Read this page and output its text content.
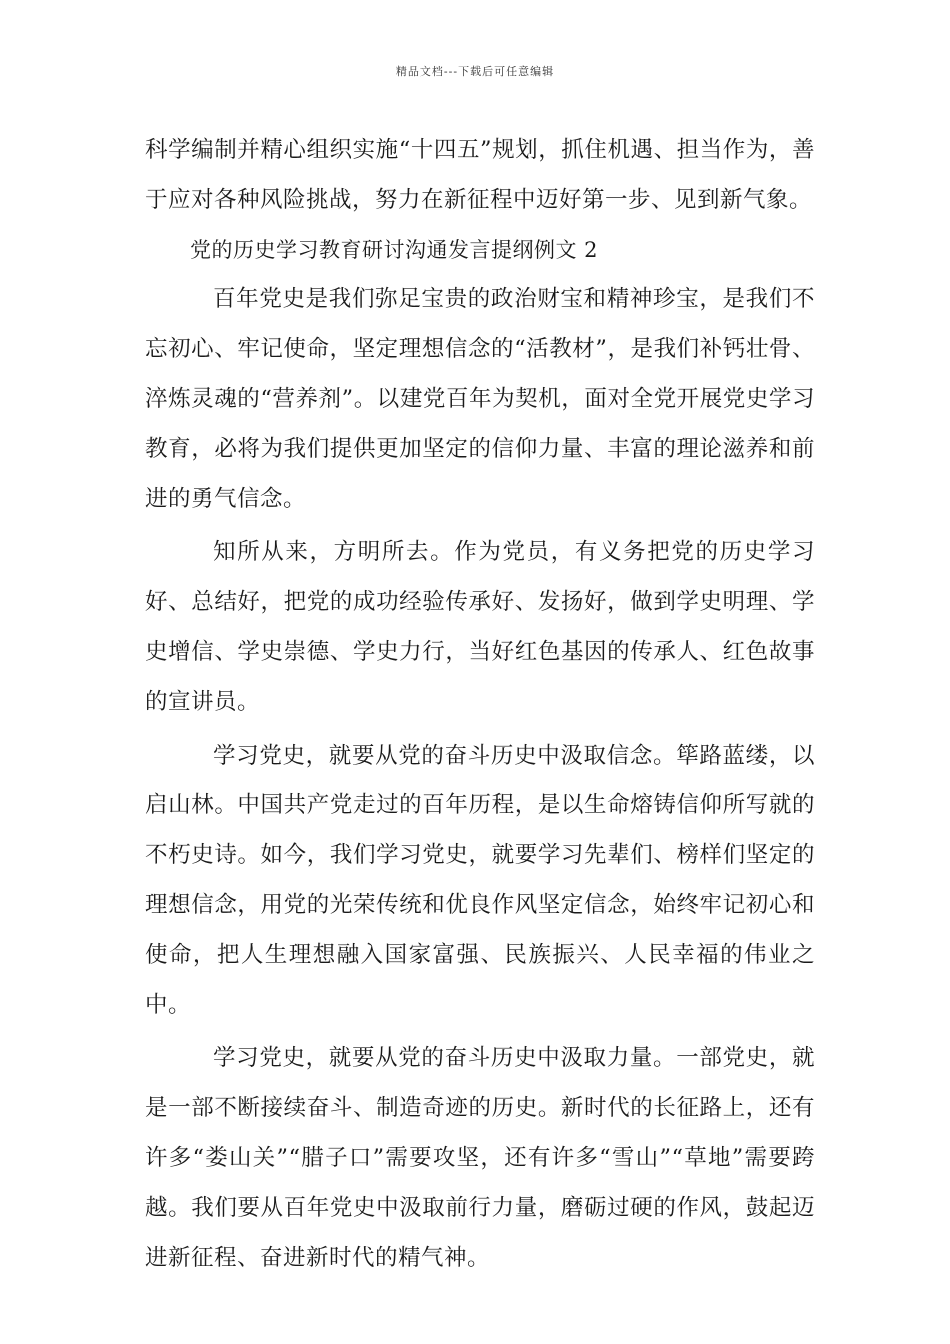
精品文档---下载后可任意编辑

科学编制并精心组织实施“十四五”规划，抓住机遇、担当作为，善于应对各种风险挑战，努力在新征程中迈好第一步、见到新气象。

党的历史学习教育研讨沟通发言提纲例文 2

百年党史是我们弥足宝贵的政治财宝和精神珍宝，是我们不忘初心、牢记使命，坚定理想信念的“活教材”，是我们补钙壮骨、淬炼灵魂的“营养剂”。以建党百年为契机，面对全党开展党史学习教育，必将为我们提供更加坚定的信仰力量、丰富的理论滋养和前进的勇气信念。

知所从来，方明所去。作为党员，有义务把党的历史学习好、总结好，把党的成功经验传承好、发扬好，做到学史明理、学史增信、学史崇德、学史力行，当好红色基因的传承人、红色故事的宣讲员。

学习党史，就要从党的奋斗历史中汲取信念。筚路蓝缕，以启山林。中国共产党走过的百年历程，是以生命熔铸信仰所写就的不朽史诗。如今，我们学习党史，就要学习先辈们、榜样们坚定的理想信念，用党的光荣传统和优良作风坚定信念，始终牢记初心和使命，把人生理想融入国家富强、民族振兴、人民幸福的伟业之中。

学习党史，就要从党的奋斗历史中汲取力量。一部党史，就是一部不断接续奋斗、制造奇迹的历史。新时代的长征路上，还有许多“娄山关”“腊子口”需要攻坚，还有许多“雪山”“草地”需要跨越。我们要从百年党史中汲取前行力量，磨砺过硬的作风，鼓起迈进新征程、奋进新时代的精气神。
